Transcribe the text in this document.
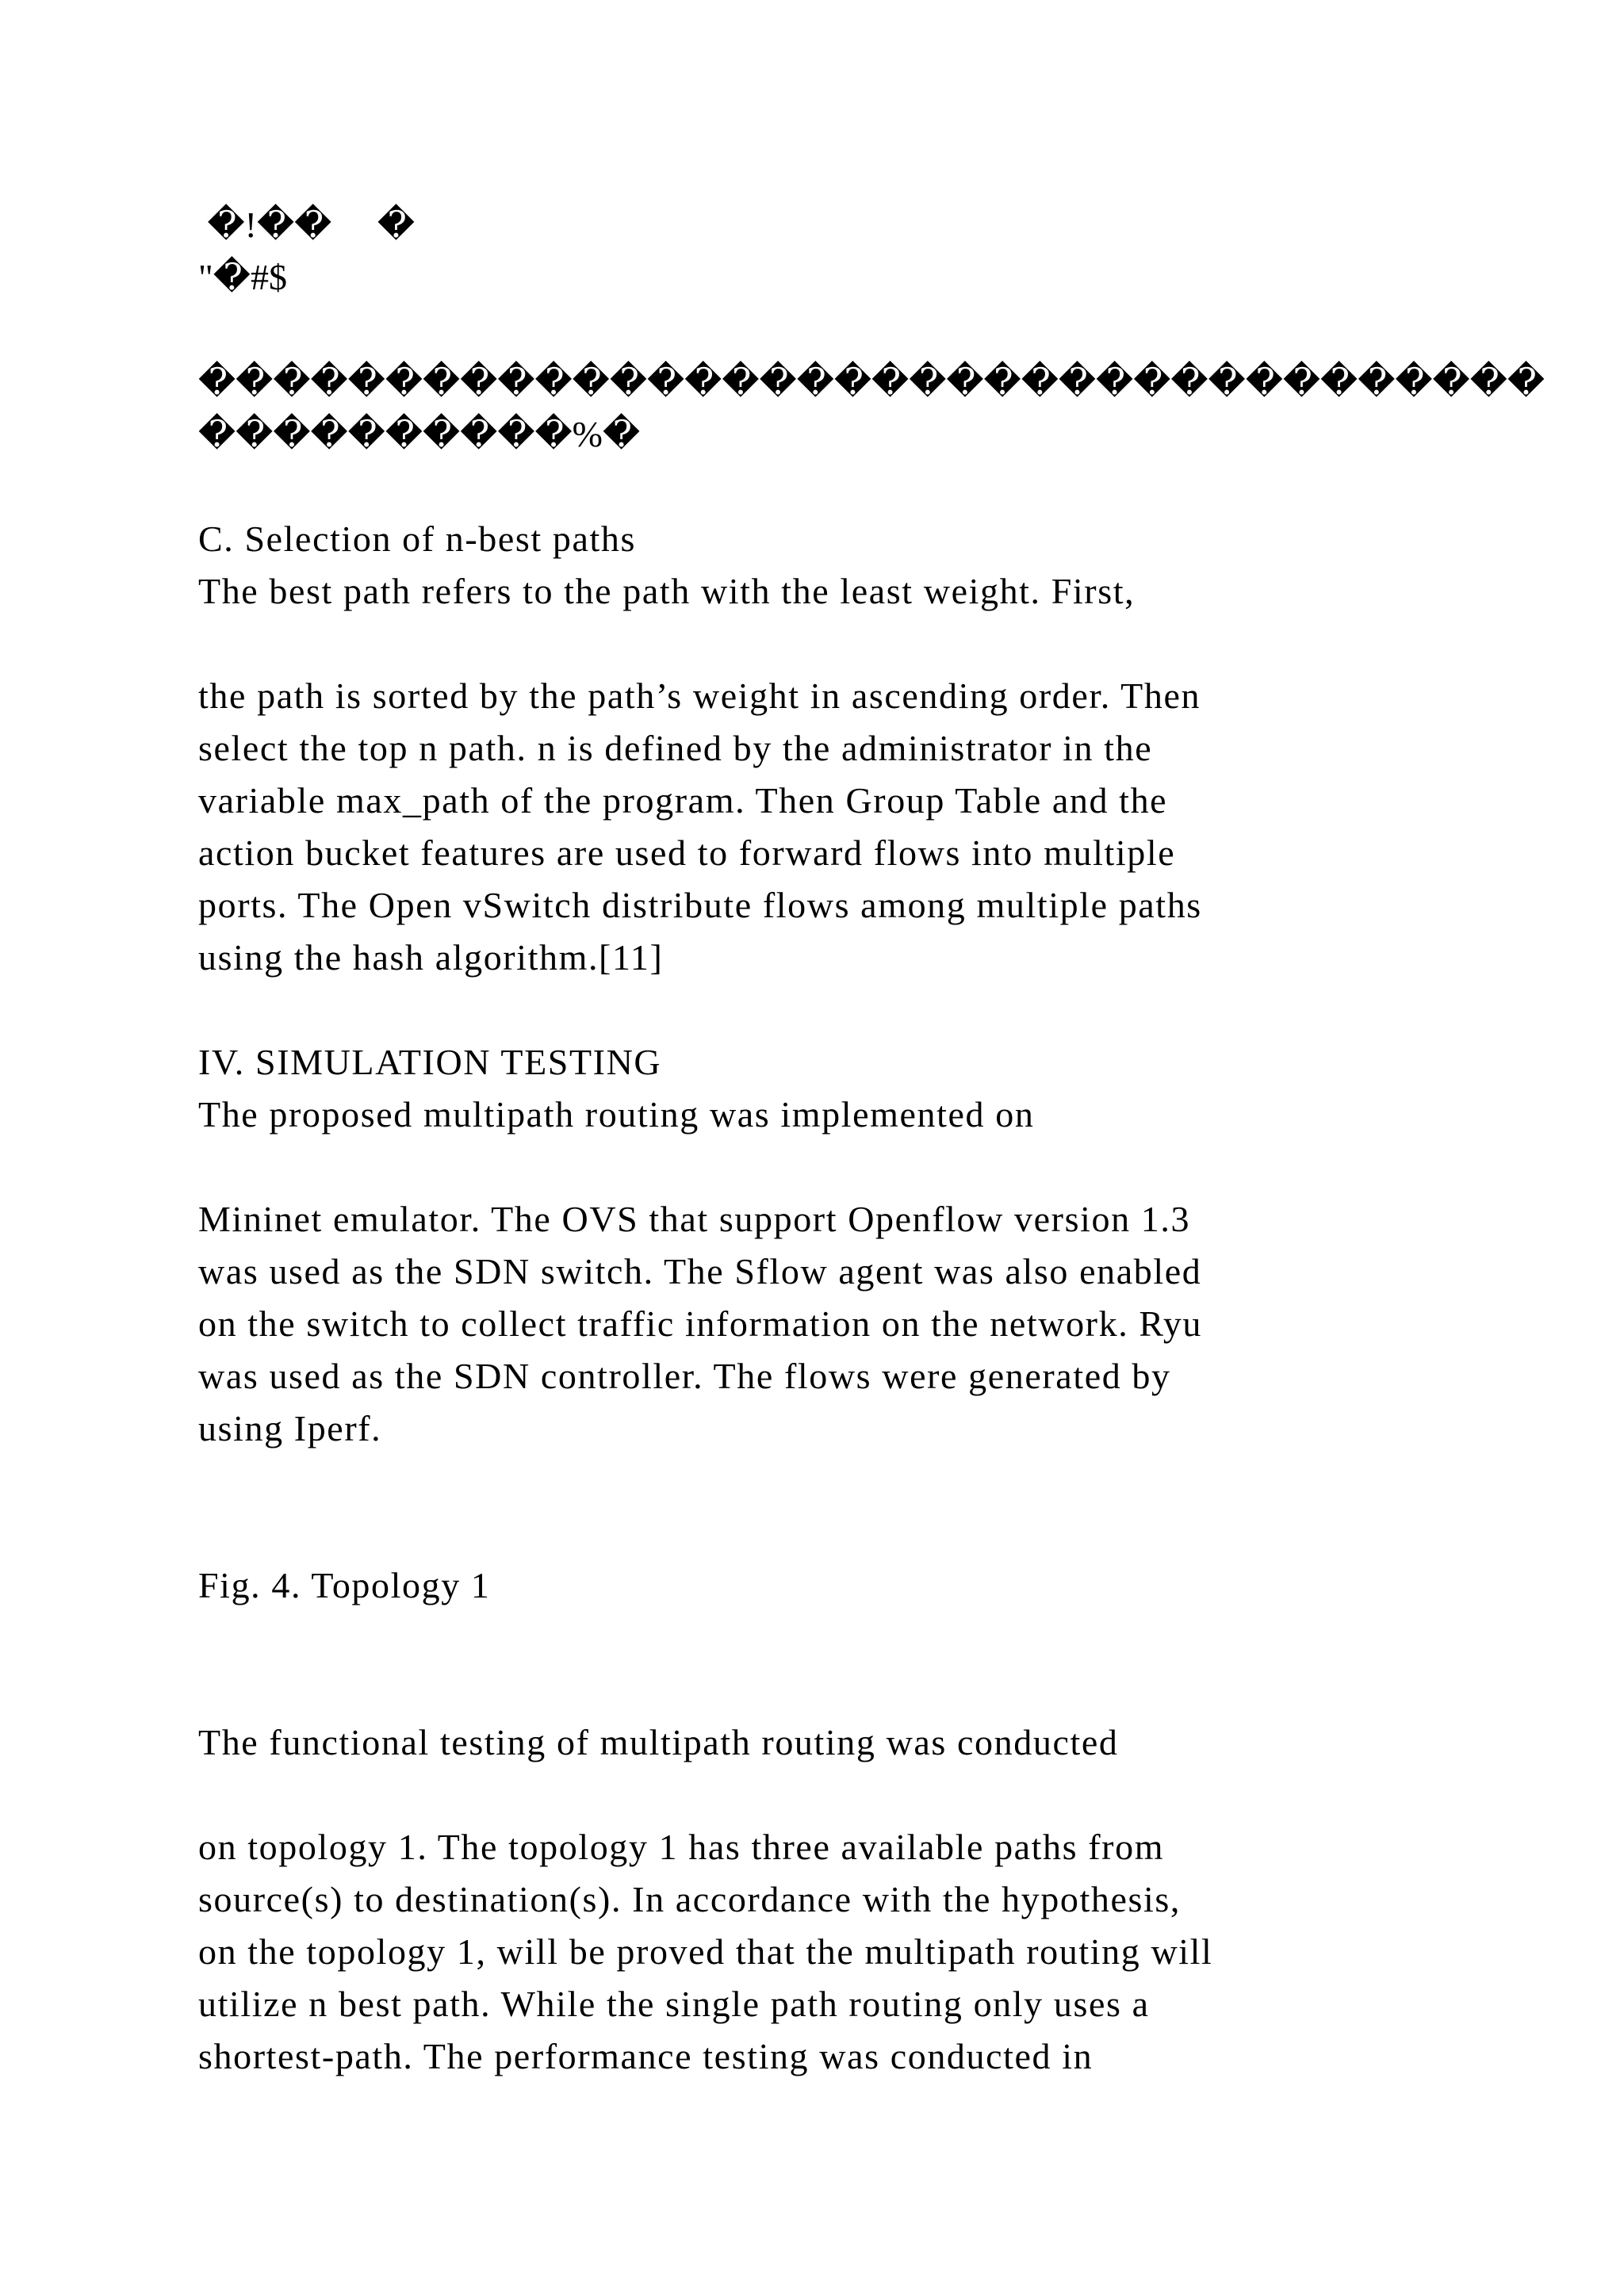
�!��     �
"�#$
������������������������������������
����������%�
C. Selection of n-best paths
The best path refers to the path with the least weight. First,
the path is sorted by the path’s weight in ascending order. Then
select the top n path. n is defined by the administrator in the
variable max_path of the program. Then Group Table and the
action bucket features are used to forward flows into multiple
ports. The Open vSwitch distribute flows among multiple paths
using the hash algorithm.[11]
IV. SIMULATION TESTING
The proposed multipath routing was implemented on
Mininet emulator. The OVS that support Openflow version 1.3
was used as the SDN switch. The Sflow agent was also enabled
on the switch to collect traffic information on the network. Ryu
was used as the SDN controller. The flows were generated by
using Iperf.
Fig. 4. Topology 1
The functional testing of multipath routing was conducted
on topology 1. The topology 1 has three available paths from
source(s) to destination(s). In accordance with the hypothesis,
on the topology 1, will be proved that the multipath routing will
utilize n best path. While the single path routing only uses a
shortest-path. The performance testing was conducted in
